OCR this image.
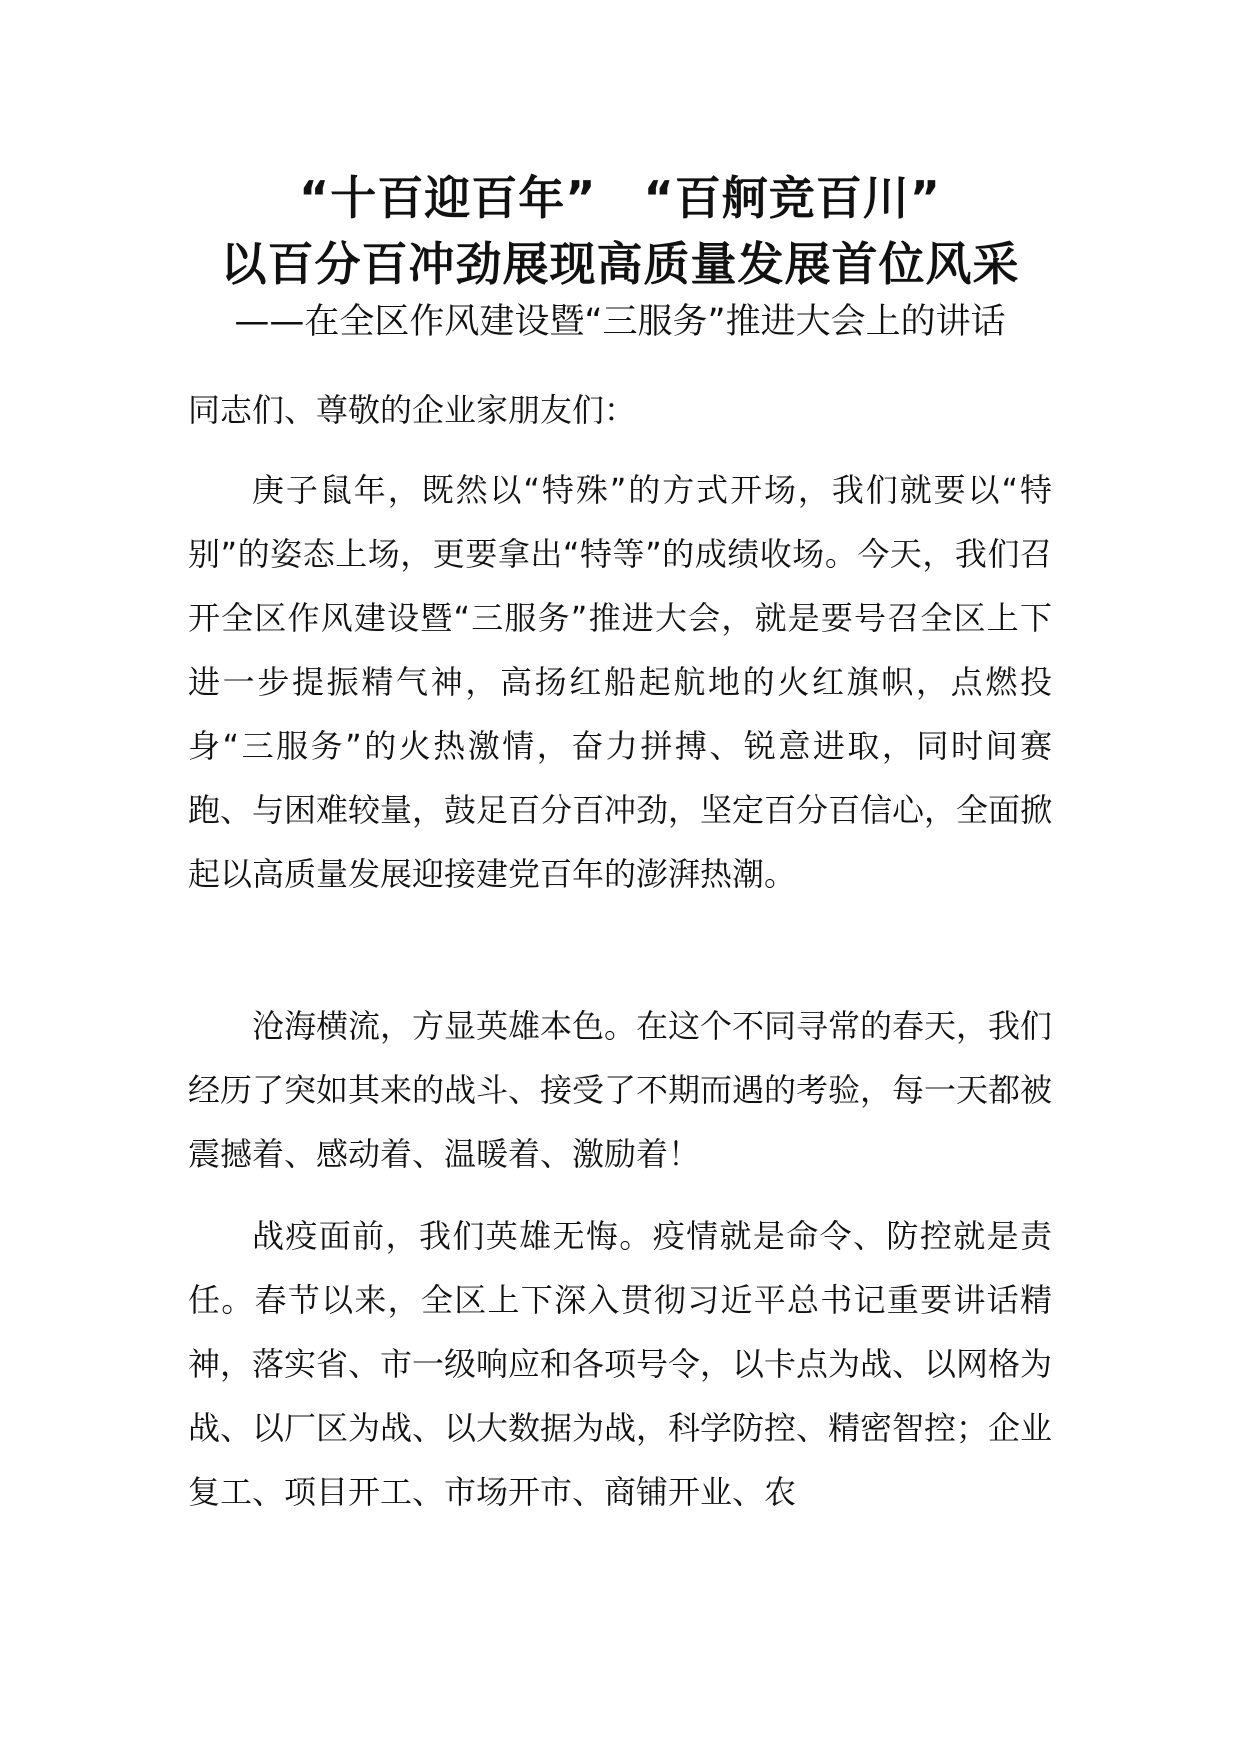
“十百迎百年”　“百舸竞百川”
以百分百冲劲展现高质量发展首位风采
——在全区作风建设暨“三服务”推进大会上的讲话
同志们、尊敬的企业家朋友们：
庚子鼠年，既然以“特殊”的方式开场，我们就要以“特别”的姿态上场，更要拿出“特等”的成绩收场。今天，我们召开全区作风建设暨“三服务”推进大会，就是要号召全区上下进一步提振精气神，高扬红船起航地的火红旗帜，点燃投身“三服务”的火热激情，奋力拼搏、锐意进取，同时间赛跑、与困难较量，鼓足百分百冲劲，坚定百分百信心，全面掀起以高质量发展迎接建党百年的澎湃热潮。
沧海横流，方显英雄本色。在这个不同寻常的春天，我们经历了突如其来的战斗、接受了不期而遇的考验，每一天都被震撼着、感动着、温暖着、激励着！
战疫面前，我们英雄无悔。疫情就是命令、防控就是责任。春节以来，全区上下深入贯彻习近平总书记重要讲话精神，落实省、市一级响应和各项号令，以卡点为战、以网格为战、以厂区为战、以大数据为战，科学防控、精密智控；企业复工、项目开工、市场开市、商铺开业、农
